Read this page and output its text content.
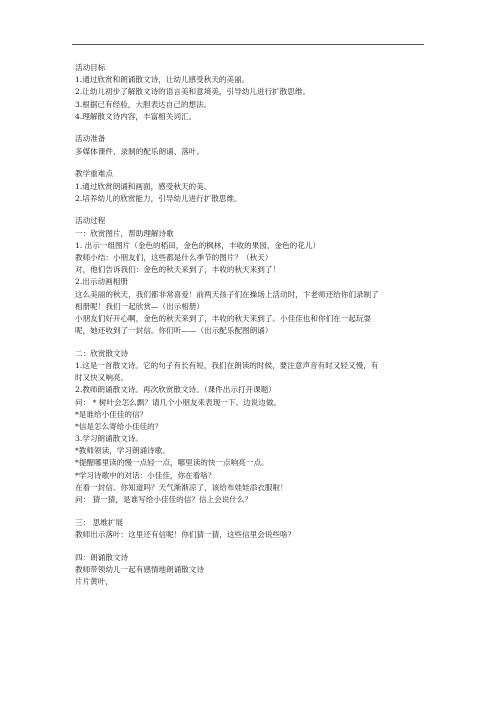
活动目标
1.通过欣赏和朗诵散文诗，让幼儿感受秋天的美丽。
2.让幼儿初步了解散文诗的语言美和意境美，引导幼儿进行扩散思维。
3.根据已有经验，大胆表达自己的想法。
4.理解散文诗内容，丰富相关词汇。
活动准备
多媒体课件、录制的配乐朗诵、落叶。
教学重难点
1.通过欣赏朗诵和画面，感受秋天的美。
2.培养幼儿的欣赏能力，引导幼儿进行扩散思维。
活动过程
一：欣赏图片，帮助理解诗歌
1. 出示一组图片（金色的稻田，金色的枫林，丰收的果园，金色的花儿）
教师小结：小朋友们，这些都是什么季节的图片？（秋天）
对，他们告诉我们：金色的秋天来到了，丰收的秋天来到了！
2.出示动画相册
这么美丽的秋天，我们都非常喜爱！前两天孩子们在操场上活动时，卞老师还给你们录制了
相册呢！我们一起欣赏—（出示相册）
小朋友们好开心啊，金色的秋天来到了，丰收的秋天来到了。小佳佳也和你们在一起玩耍
呢，她还收到了一封信。你们听——（出示配乐配图朗诵）
二：欣赏散文诗
1.这是一首散文诗。它的句子有长有短，我们在朗读的时候，要注意声音有时又轻又慢，有
时又快又响亮。
2.教师朗诵散文诗。再次欣赏散文诗。（课件出示打开课题）
问： * 树叶会怎么飘？请几个小朋友来表现一下。边说边做。
*是谁给小佳佳的信？
*信是怎么寄给小佳佳的？
3.学习朗诵散文诗。
*教师领读，学习朗诵诗歌。
*提醒哪里读的慢一点轻一点，哪里读的快一点响亮一点。
*学习诗歌中的对话：小佳佳，你在看啥？
在看一封信。你知道吗？天气渐渐凉了，该给布娃娃添衣服啦！
问： 猜一猜，是谁写给小佳佳的信？信上会说什么？
三： 思维扩展
教师出示落叶：这里还有信呢！你们猜一猜，这些信里会说些啥？
四：朗诵散文诗
教师带领幼儿一起有感情地朗诵散文诗
片片黄叶，
